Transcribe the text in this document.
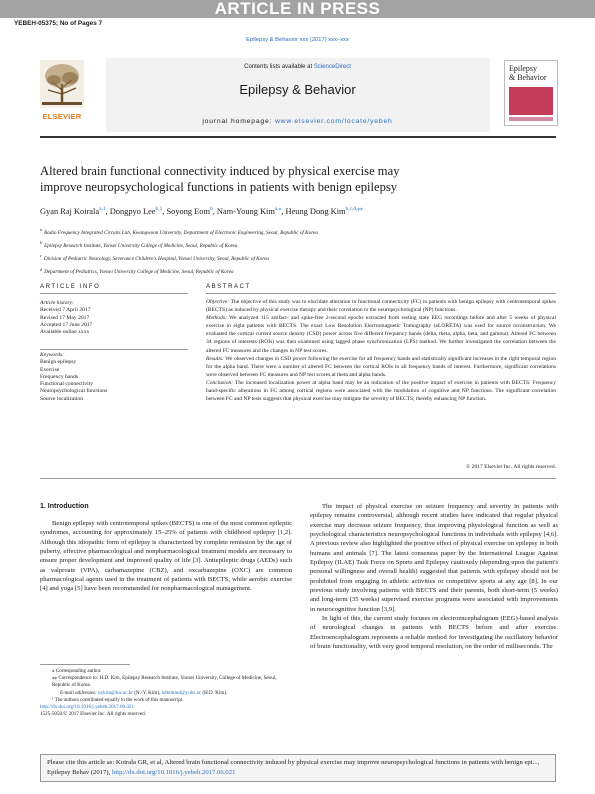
ARTICLE IN PRESS
YEBEH-05375; No of Pages 7
Epilepsy & Behavior xxx (2017) xxx–xxx
ELSEVIER
Contents lists available at ScienceDirect
Epilepsy & Behavior
journal homepage: www.elsevier.com/locate/yebeh
Epilepsy
& Behavior
Altered brain functional connectivity induced by physical exercise may
improve neuropsychological functions in patients with benign epilepsy
Gyan Raj Koirala$^{a,1}$, Dongpyo Lee$^{b,1}$, Soyong Eom$^b$, Nam-Young Kim$^{a,⁎}$, Heung Dong Kim$^{b,c,d,⁎⁎}$
$^a$Radio Frequency Integrated Circuits Lab, Kwangwoon University, Department of Electronic Engineering, Seoul, Republic of Korea
$^b$Epilepsy Research Institute, Yonsei University College of Medicine, Seoul, Republic of Korea
$^c$Division of Pediatric Neurology, Severance Children's Hospital, Yonsei University, Seoul, Republic of Korea
$^d$Department of Pediatrics, Yonsei University College of Medicine, Seoul, Republic of Korea
ARTICLE INFO
Article history:
Received 7 April 2017
Revised 17 May 2017
Accepted 17 June 2017
Available online xxxx
Keywords:
Benign epilepsy
Exercise
Frequency bands
Functional connectivity
Neuropsychological functions
Source localization
ABSTRACT

Objective: The objective of this study was to elucidate alteration in functional connectivity (FC) in patients with benign epilepsy with centrotemporal spikes (BECTS) as induced by physical exercise therapy and their correlation to the neuropsychological (NP) functions.

Methods: We analyzed 115 artifact- and spike-free 2-second epochs extracted from resting state EEG recordings before and after 5 weeks of physical exercise in eight patients with BECTS. The exact Low Resolution Electromagnetic Tomography (eLORETA) was used for source reconstruction. We evaluated the cortical current source density (CSD) power across five different frequency bands (delta, theta, alpha, beta, and gamma). Altered FC between 34 regions of interests (ROIs) was then examined using lagged phase synchronization (LPS) method. We further investigated the correlation between the altered FC measures and the changes in NP test scores.

Results: We observed changes in CSD power following the exercise for all frequency bands and statistically significant increases in the right temporal region for the alpha band. There were a number of altered FC between the cortical ROIs in all frequency bands of interest. Furthermore, significant correlations were observed between FC measures and NP test scores at theta and alpha bands.

Conclusion: The increased localization power at alpha band may be an indication of the positive impact of exercise in patients with BECTS. Frequency band-specific alterations in FC among cortical regions were associated with the modulation of cognitive and NP functions. The significant correlation between FC and NP tests suggests that physical exercise may mitigate the severity of BECTS, thereby enhancing NP function.

© 2017 Elsevier Inc. All rights reserved.
1. Introduction
Benign epilepsy with centrotemporal spikes (BECTS) is one of the most common epileptic syndromes, accounting for approximately 15–25% of patients with childhood epilepsy [1,2]. Although this idiopathic form of epilepsy is characterized by complete remission by the age of puberty, effective pharmacological and nonpharmacological treatment models are necessary to ensure proper development and improved quality of life [3]. Antiepileptic drugs (AEDs) such as valproate (VPA), carbamazepine (CBZ), and oxcarbazepine (OXC) are common pharmacological agents used in the treatment of patients with BECTS, while aerobic exercise [4] and yoga [5] have been recommended for nonpharmacological management.

The impact of physical exercise on seizure frequency and severity in patients with epilepsy remains controversial, although recent studies have indicated that regular physical exercise may decrease seizure frequency, thus improving physiological function as well as psychological characteristics neuropsychological functions in individuals with epilepsy [4,6]. A previous review also highlighted the positive effect of physical exercise on epilepsy in both humans and animals [7]. The latest consensus paper by the International League Against Epilepsy (ILAE) Task Force on Sports and Epilepsy cautiously (depending upon the patient's personal willingness and overall health) suggested that patients with epilepsy should not be prohibited from engaging in athletic activities or competitive sports at any age [8]. In our previous study involving patients with BECTS and their parents, both short-term (5 weeks) and long-term (35 weeks) supervised exercise programs were associated with improvements in neurocognitive function [3,9].

In light of this, the current study focuses on electroencephalogram (EEG)-based analysis of neurological changes in patients with BECTS before and after exercise. Electroencephalogram represents a reliable method for investigating the oscillatory behavior of brain functionality, with very good temporal resolution, on the order of milliseconds. The

⁎ Corresponding author.
⁎⁎ Correspondence to: H.D. Kim, Epilepsy Research Institute, Yonsei University, College of Medicine, Seoul, Republic of Korea.
E-mail addresses: nykim@kw.ac.kr (N.-Y. Kim), hdkimmd@yuhs.ac (H.D. Kim).
¹ The authors contributed equally to the work of this manuscript.
http://dx.doi.org/10.1016/j.yebeh.2017.06.021
1525-5050/© 2017 Elsevier Inc. All rights reserved.
Please cite this article as: Koirala GR, et al, Altered brain functional connectivity induced by physical exercise may improve neuropsychological functions in patients with benign epi..., Epilepsy Behav (2017), http://dx.doi.org/10.1016/j.yebeh.2017.06.021
